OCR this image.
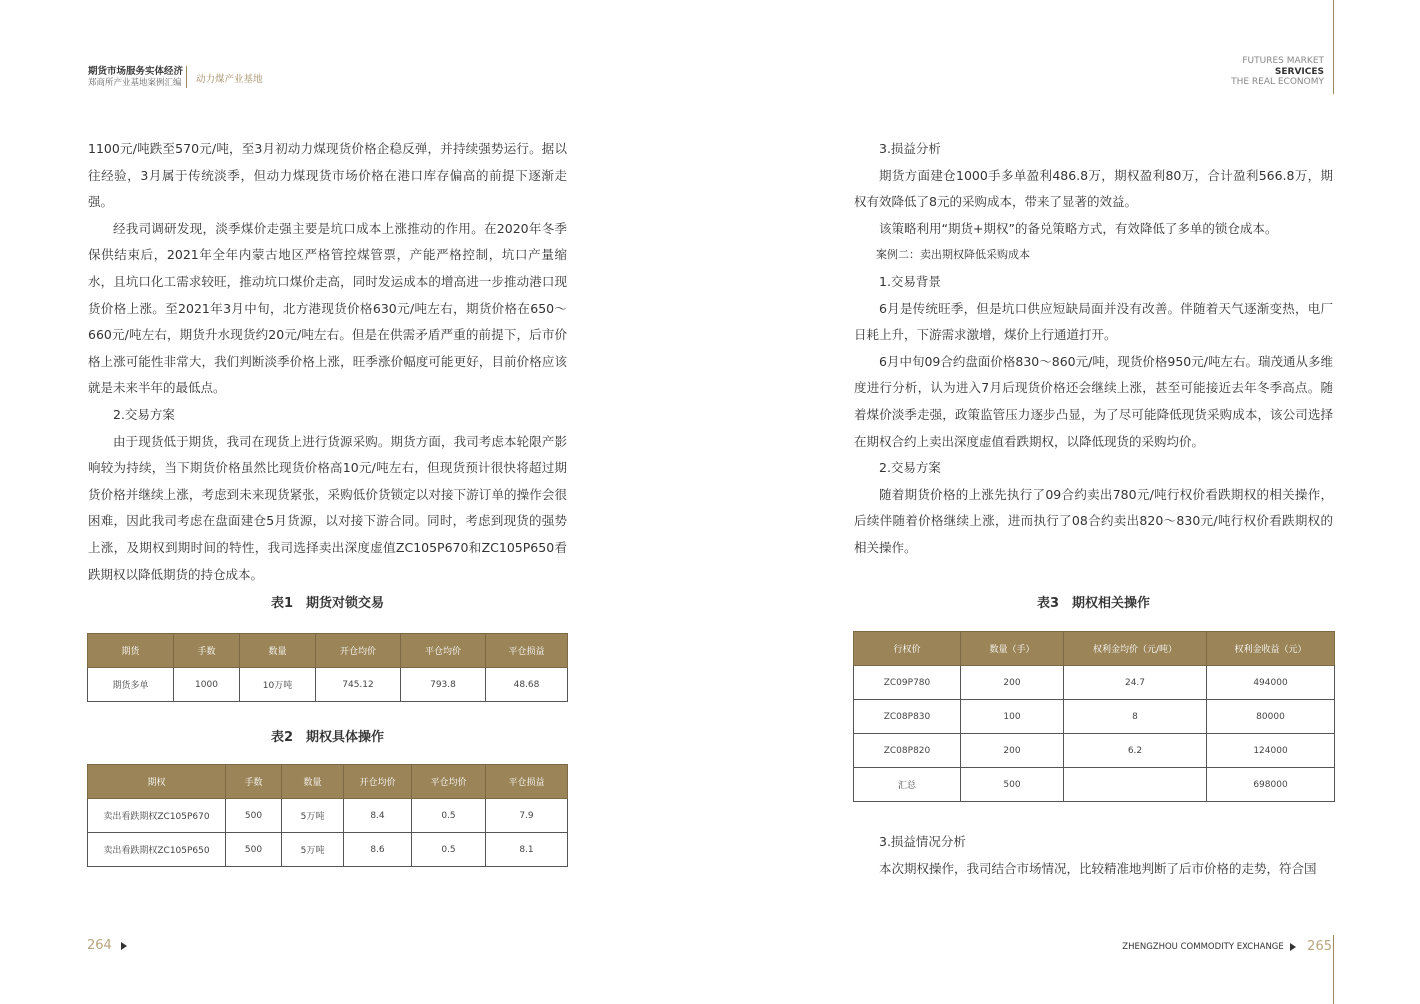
期货市场服务实体经济
郑商所产业基地案例汇编 动力煤产业基地
FUTURES MARKET
SERVICES
THE REAL ECONOMY

1100元/吨跌至570元/吨，至3月初动力煤现货价格企稳反弹，并持续强势运行。据以往经验，3月属于传统淡季，但动力煤现货市场价格在港口库存偏高的前提下逐渐走强。

经我司调研发现，淡季煤价走强主要是坑口成本上涨推动的作用。在2020年冬季保供结束后，2021年全年内蒙古地区严格管控煤管票，产能严格控制，坑口产量缩水，且坑口化工需求较旺，推动坑口煤价走高，同时发运成本的增高进一步推动港口现货价格上涨。至2021年3月中旬，北方港现货价格630元/吨左右，期货价格在650～660元/吨左右，期货升水现货约20元/吨左右。但是在供需矛盾严重的前提下，后市价格上涨可能性非常大，我们判断淡季价格上涨，旺季涨价幅度可能更好，目前价格应该就是未来半年的最低点。

2.交易方案

由于现货低于期货，我司在现货上进行货源采购。期货方面，我司考虑本轮限产影响较为持续，当下期货价格虽然比现货价格高10元/吨左右，但现货预计很快将超过期货价格并继续上涨，考虑到未来现货紧张，采购低价货锁定以对接下游订单的操作会很困难，因此我司考虑在盘面建仓5月货源，以对接下游合同。同时，考虑到现货的强势上涨，及期权到期时间的特性，我司选择卖出深度虚值ZC105P670和ZC105P650看跌期权以降低期货的持仓成本。

表1　期货对锁交易
期货	手数	数量	开仓均价	平仓均价	平仓损益
期货多单	1000	10万吨	745.12	793.8	48.68
表2　期权具体操作
期权	手数	数量	开仓均价	平仓均价	平仓损益
卖出看跌期权ZC105P670	500	5万吨	8.4	0.5	7.9
卖出看跌期权ZC105P650	500	5万吨	8.6	0.5	8.1

3.损益分析

期货方面建仓1000手多单盈利486.8万，期权盈利80万，合计盈利566.8万，期权有效降低了8元的采购成本，带来了显著的效益。

该策略利用“期货+期权”的备兑策略方式，有效降低了多单的锁仓成本。

案例二：卖出期权降低采购成本

1.交易背景

6月是传统旺季，但是坑口供应短缺局面并没有改善。伴随着天气逐渐变热，电厂日耗上升，下游需求激增，煤价上行通道打开。

6月中旬09合约盘面价格830～860元/吨，现货价格950元/吨左右。瑞茂通从多维度进行分析，认为进入7月后现货价格还会继续上涨，甚至可能接近去年冬季高点。随着煤价淡季走强，政策监管压力逐步凸显，为了尽可能降低现货采购成本，该公司选择在期权合约上卖出深度虚值看跌期权，以降低现货的采购均价。

2.交易方案

随着期货价格的上涨先执行了09合约卖出780元/吨行权价看跌期权的相关操作，后续伴随着价格继续上涨，进而执行了08合约卖出820～830元/吨行权价看跌期权的相关操作。

表3　期权相关操作
行权价	数量（手）	权利金均价（元/吨）	权利金收益（元）
ZC09P780	200	24.7	494000
ZC08P830	100	8	80000
ZC08P820	200	6.2	124000
汇总	500		698000

3.损益情况分析

本次期权操作，我司结合市场情况，比较精准地判断了后市价格的走势，符合国

264	ZHENGZHOU COMMODITY EXCHANGE 265
